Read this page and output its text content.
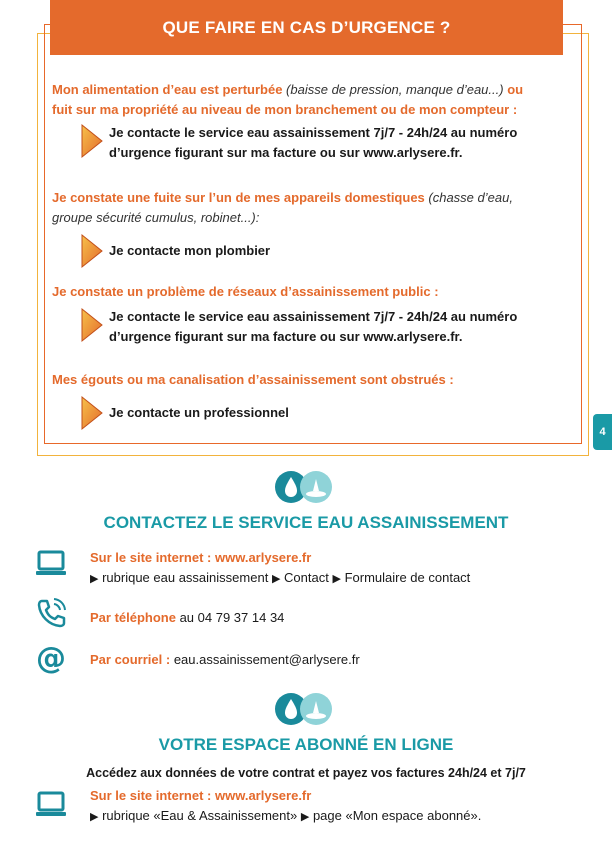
QUE FAIRE EN CAS D’URGENCE ?
Mon alimentation d’eau est perturbée (baisse de pression, manque d’eau...) ou
fuit sur ma propriété au niveau de mon branchement ou de mon compteur :
Je contacte le service eau assainissement 7j/7 - 24h/24 au numéro
d’urgence figurant sur ma facture ou sur www.arlysere.fr.
Je constate une fuite sur l’un de mes appareils domestiques (chasse d’eau,
groupe sécurité cumulus, robinet...):
Je contacte mon plombier
Je constate un problème de réseaux d’assainissement public :
Je contacte le service eau assainissement 7j/7 - 24h/24 au numéro
d’urgence figurant sur ma facture ou sur www.arlysere.fr.
Mes égouts ou ma canalisation d’assainissement sont obstrués :
Je contacte un professionnel
4
CONTACTEZ LE SERVICE EAU ASSAINISSEMENT
Sur le site internet : www.arlysere.fr
▶ rubrique eau assainissement ▶ Contact ▶ Formulaire de contact
Par téléphone au 04 79 37 14 34
@ Par courriel : eau.assainissement@arlysere.fr
VOTRE ESPACE ABONNÉ EN LIGNE
Accédez aux données de votre contrat et payez vos factures 24h/24 et 7j/7
Sur le site internet : www.arlysere.fr
▶ rubrique «Eau & Assainissement» ▶ page «Mon espace abonné».
